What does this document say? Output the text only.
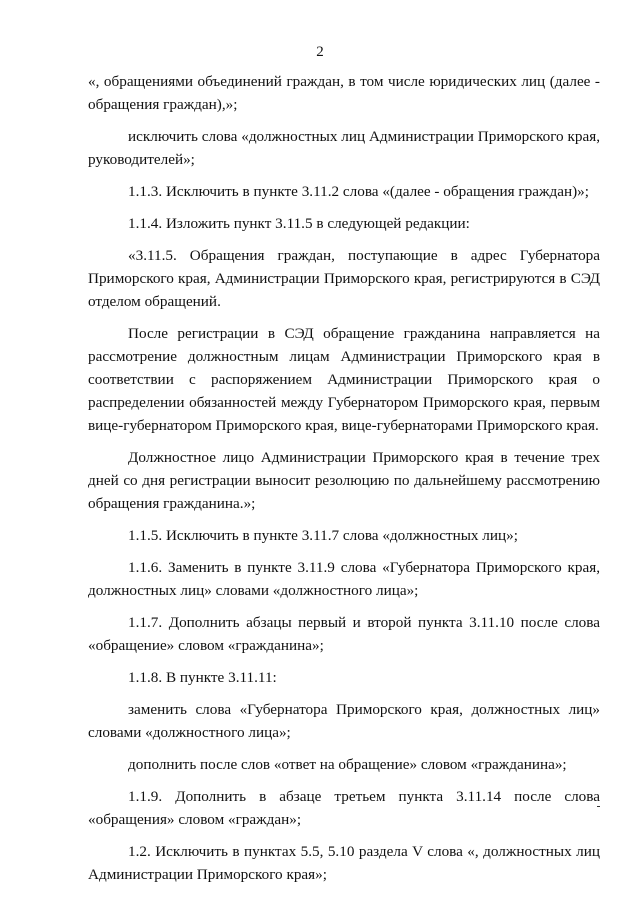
2

«, обращениями объединений граждан, в том числе юридических лиц (далее - обращения граждан),»;

исключить слова «должностных лиц Администрации Приморского края, руководителей»;

1.1.3. Исключить в пункте 3.11.2 слова «(далее - обращения граждан)»;

1.1.4. Изложить пункт 3.11.5 в следующей редакции:

«3.11.5. Обращения граждан, поступающие в адрес Губернатора Приморского края, Администрации Приморского края, регистрируются в СЭД отделом обращений.

После регистрации в СЭД обращение гражданина направляется на рассмотрение должностным лицам Администрации Приморского края в соответствии с распоряжением Администрации Приморского края о распределении обязанностей между Губернатором Приморского края, первым вице-губернатором Приморского края, вице-губернаторами Приморского края.

Должностное лицо Администрации Приморского края в течение трех дней со дня регистрации выносит резолюцию по дальнейшему рассмотрению обращения гражданина.»;

1.1.5. Исключить в пункте 3.11.7 слова «должностных лиц»;

1.1.6. Заменить в пункте 3.11.9 слова «Губернатора Приморского края, должностных лиц» словами «должностного лица»;

1.1.7. Дополнить абзацы первый и второй пункта 3.11.10 после слова «обращение» словом «гражданина»;

1.1.8. В пункте 3.11.11:

заменить слова «Губернатора Приморского края, должностных лиц» словами «должностного лица»;

дополнить после слов «ответ на обращение» словом «гражданина»;

1.1.9. Дополнить в абзаце третьем пункта 3.11.14 после слова «обращения» словом «граждан»;

1.2. Исключить в пунктах 5.5, 5.10 раздела V слова «, должностных лиц Администрации Приморского края»;
